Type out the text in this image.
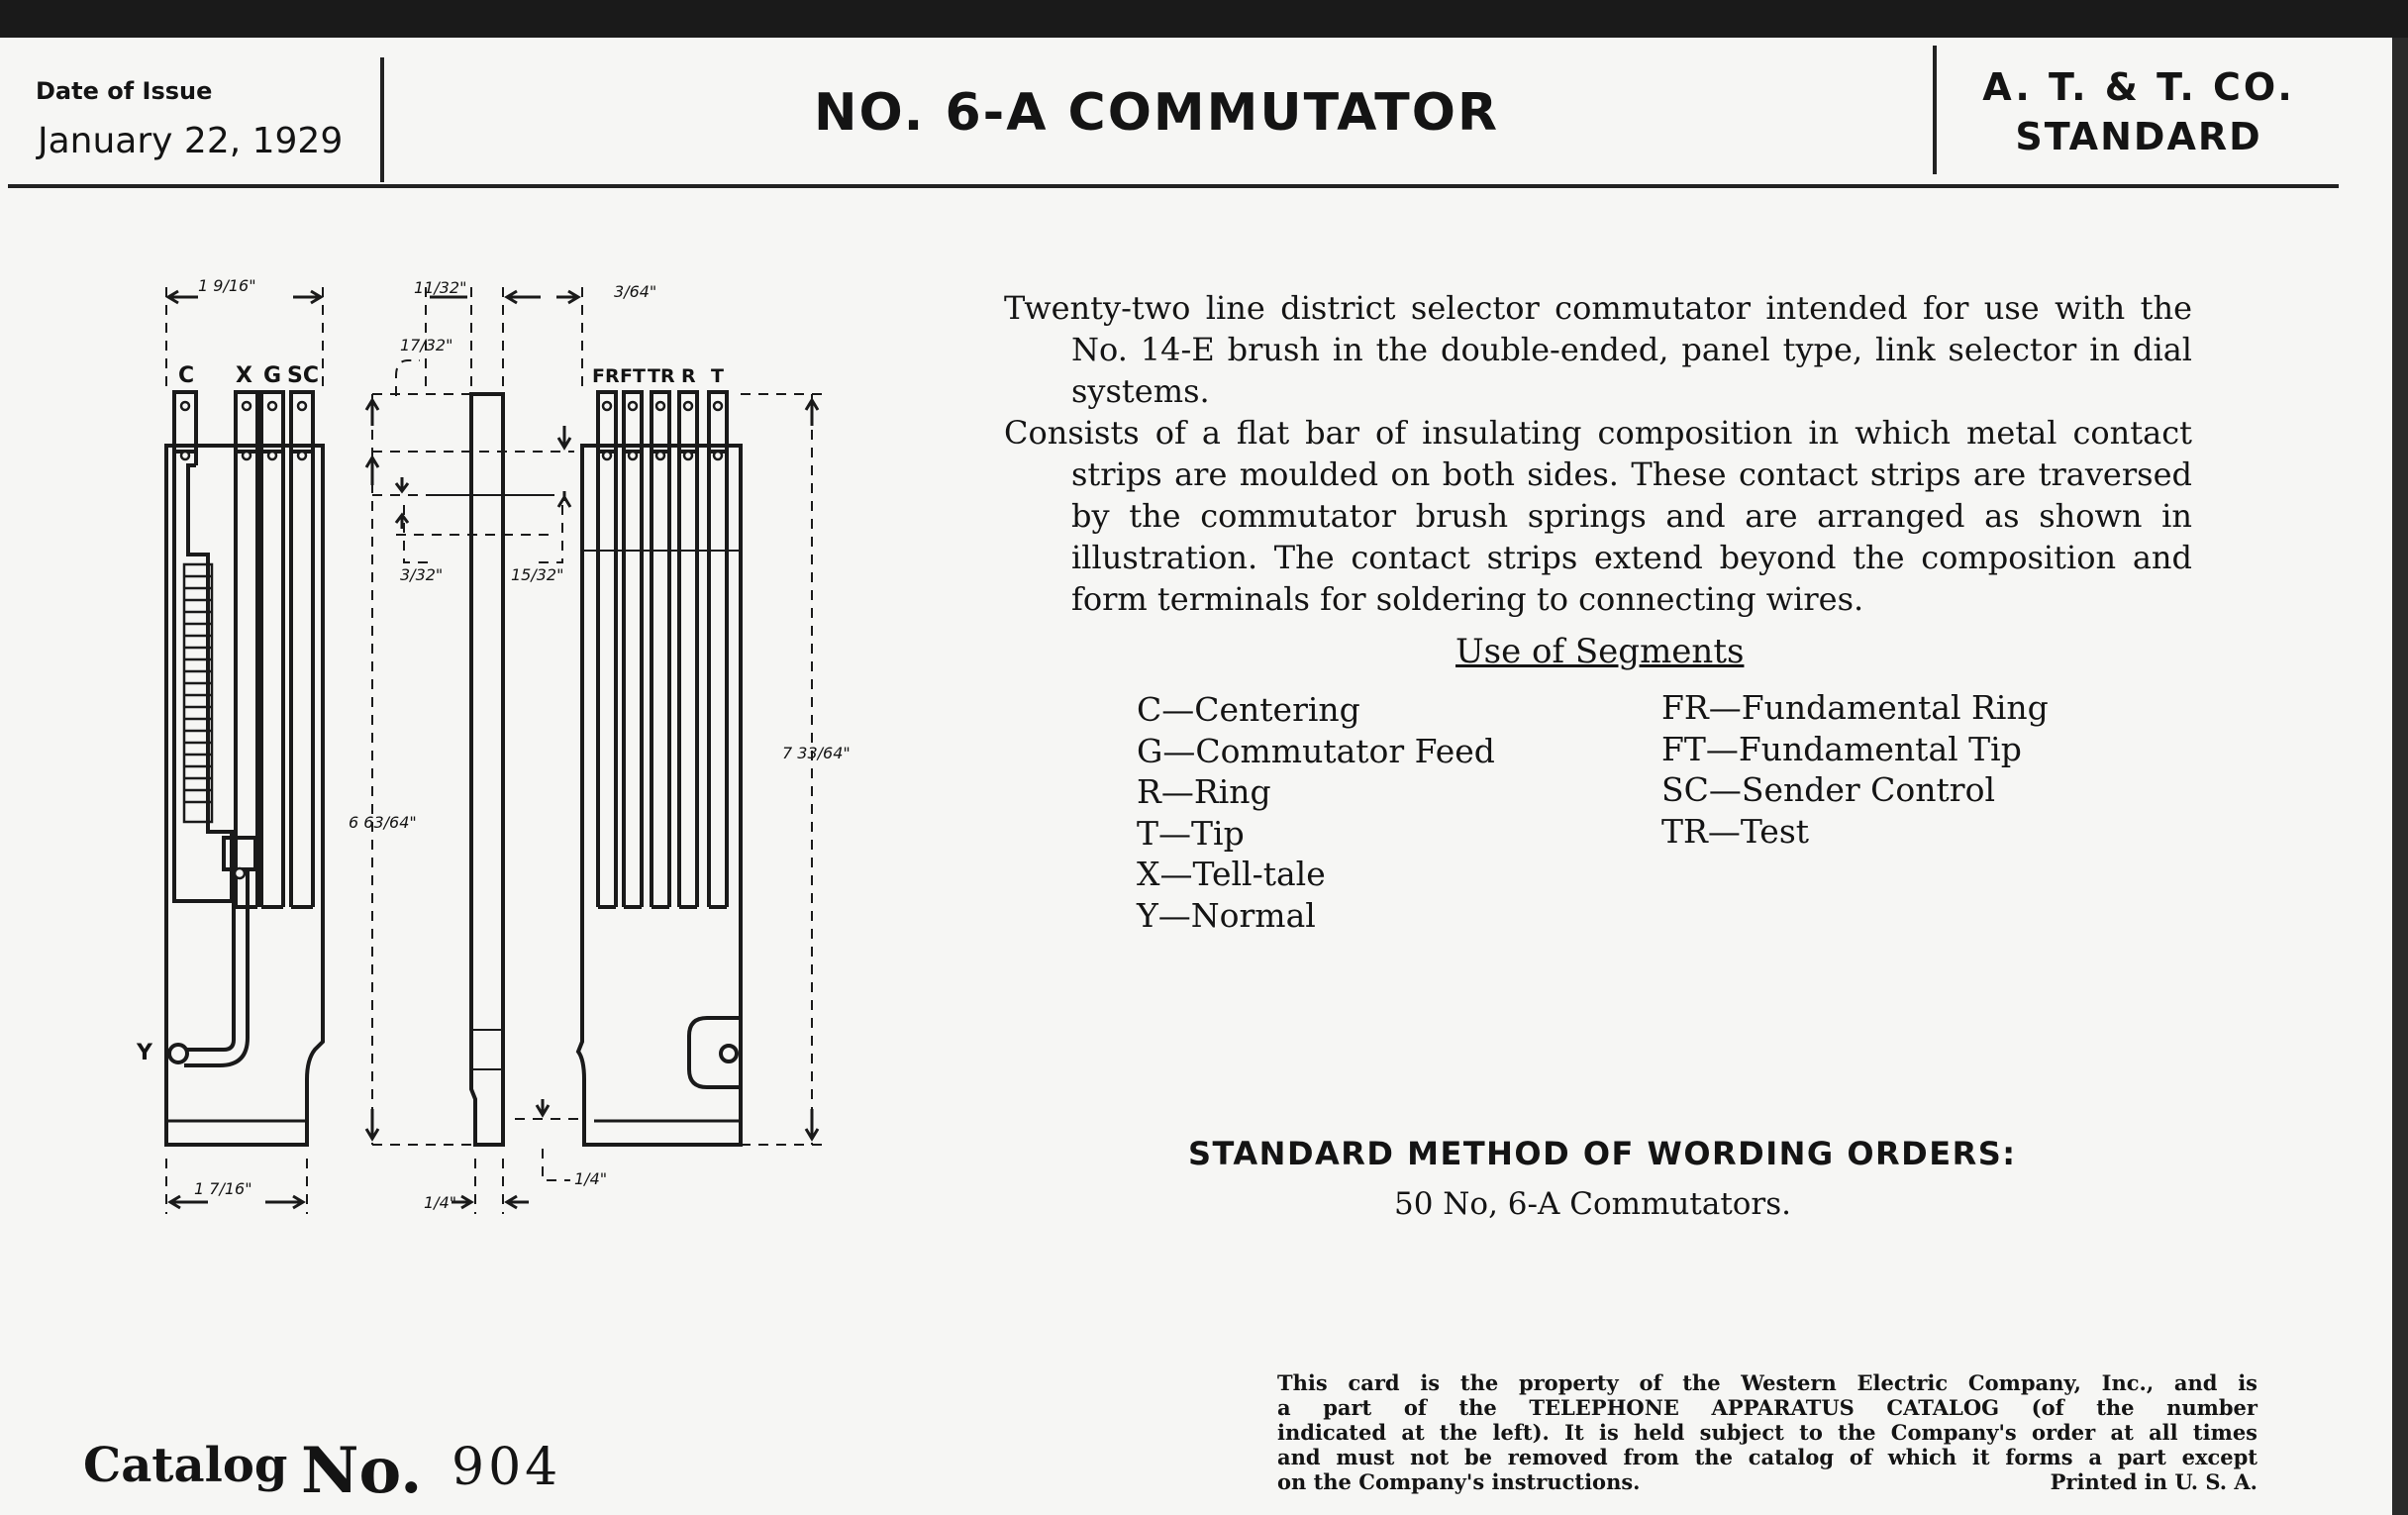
Date of Issue
January 22, 1929	NO. 6-A COMMUTATOR	A. T. & T. CO.
STANDARD
C X G SC	FR FT TR R T
Y
1 9/16"	11/32"
17/32"
3/64"
3/32"	15/32"
6 63/64"
7 33/64"
1 7/16"
1/4"
1/4"

Twenty-two line district selector commutator intended for use with the No. 14-E brush in the double-ended, panel type, link selector in dial systems.

Consists of a flat bar of insulating composition in which metal contact strips are moulded on both sides. These contact strips are traversed by the commutator brush springs and are arranged as shown in illustration. The contact strips extend beyond the composition and form terminals for soldering to connecting wires.

Use of Segments
C—Centering
G—Commutator Feed
R—Ring
T—Tip
X—Tell-tale
Y—Normal
FR—Fundamental Ring
FT—Fundamental Tip
SC—Sender Control
TR—Test
STANDARD METHOD OF WORDING ORDERS:
50 No, 6-A Commutators.
This card is the property of the Western Electric Company, Inc., and is
a part of the TELEPHONE APPARATUS CATALOG (of the number
indicated at the left). It is held subject to the Company's order at all times
and must not be removed from the catalog of which it forms a part except
on the Company's instructions.	Printed in U. S. A.
Catalog No. 904
